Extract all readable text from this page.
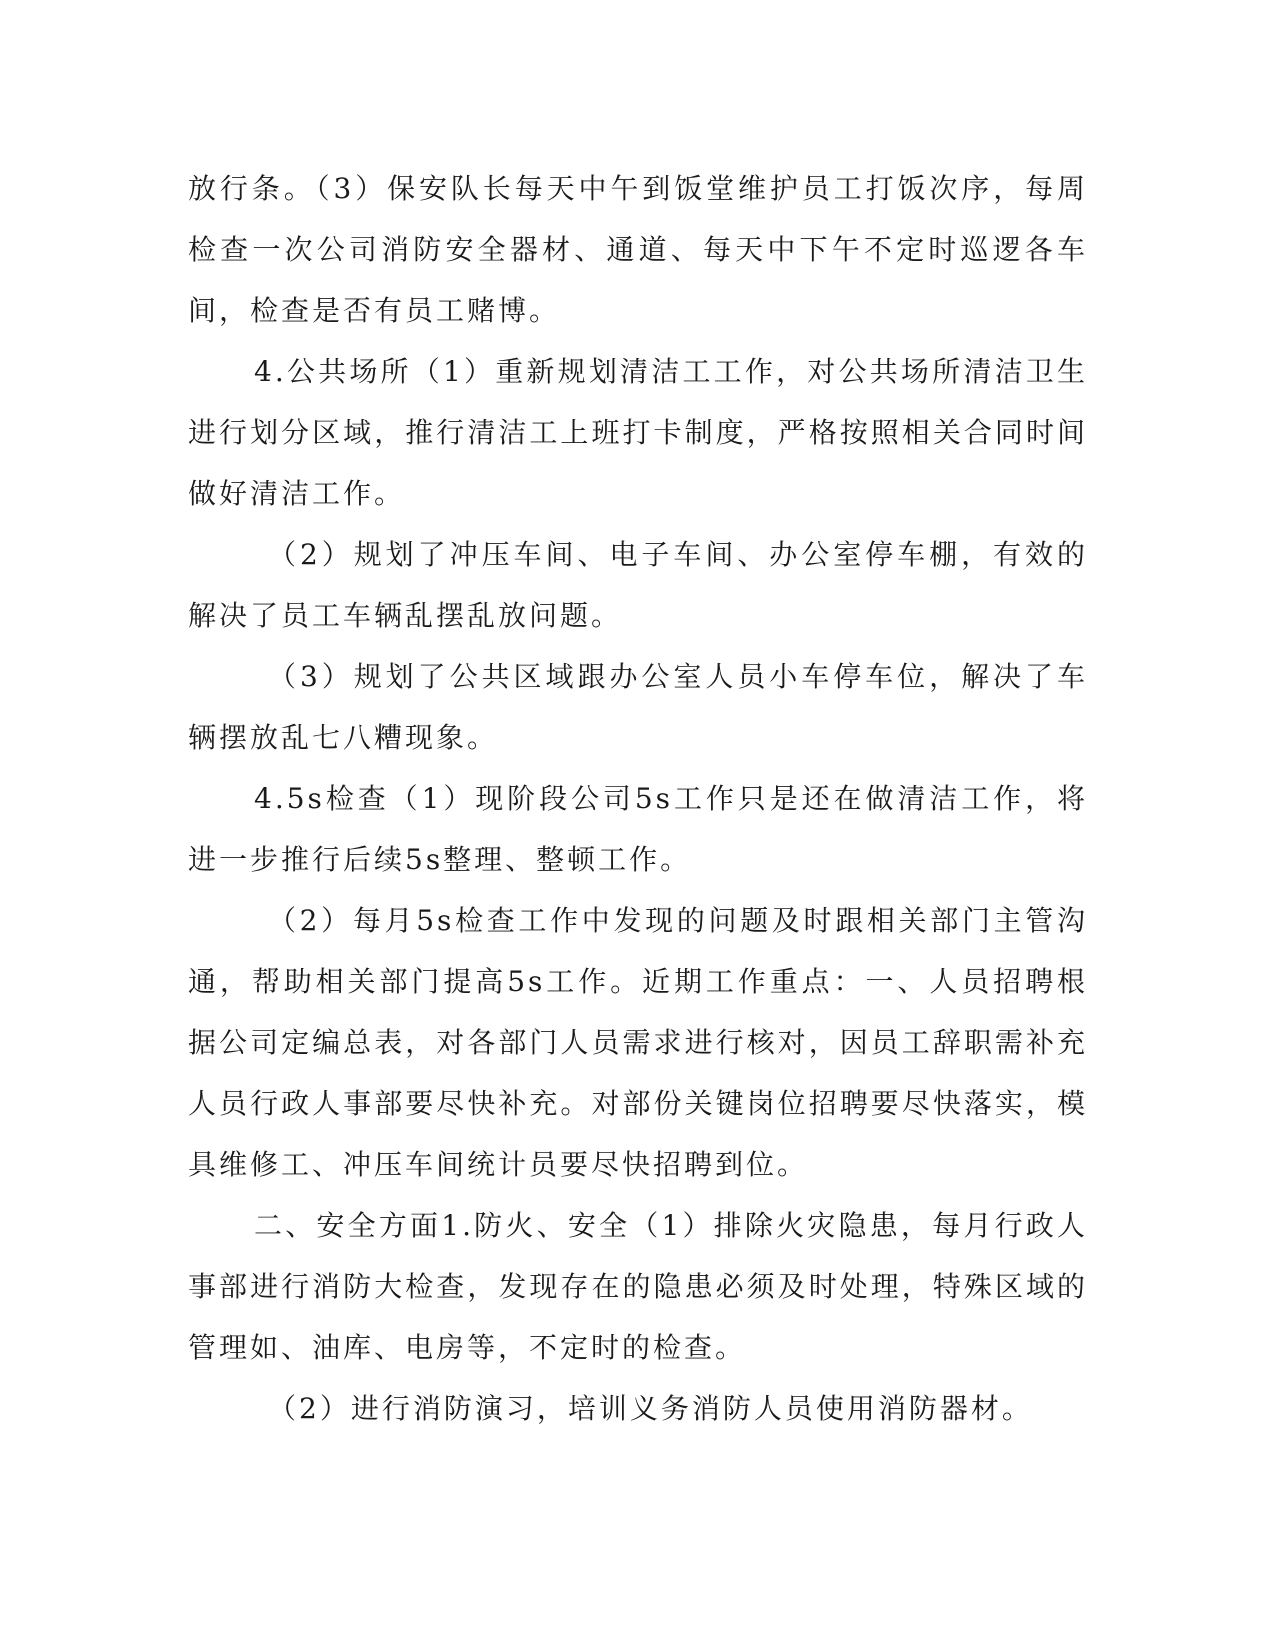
放行条。（3）保安队长每天中午到饭堂维护员工打饭次序，每周检查一次公司消防安全器材、通道、每天中下午不定时巡逻各车间，检查是否有员工赌博。

4.公共场所（1）重新规划清洁工工作，对公共场所清洁卫生进行划分区域，推行清洁工上班打卡制度，严格按照相关合同时间做好清洁工作。

（2）规划了冲压车间、电子车间、办公室停车棚，有效的解决了员工车辆乱摆乱放问题。

（3）规划了公共区域跟办公室人员小车停车位，解决了车辆摆放乱七八糟现象。

4.5s检查（1）现阶段公司5s工作只是还在做清洁工作，将进一步推行后续5s整理、整顿工作。

（2）每月5s检查工作中发现的问题及时跟相关部门主管沟通，帮助相关部门提高5s工作。近期工作重点：一、人员招聘根据公司定编总表，对各部门人员需求进行核对，因员工辞职需补充人员行政人事部要尽快补充。对部份关键岗位招聘要尽快落实，模具维修工、冲压车间统计员要尽快招聘到位。

二、安全方面1.防火、安全（1）排除火灾隐患，每月行政人事部进行消防大检查，发现存在的隐患必须及时处理，特殊区域的管理如、油库、电房等，不定时的检查。

（2）进行消防演习，培训义务消防人员使用消防器材。
